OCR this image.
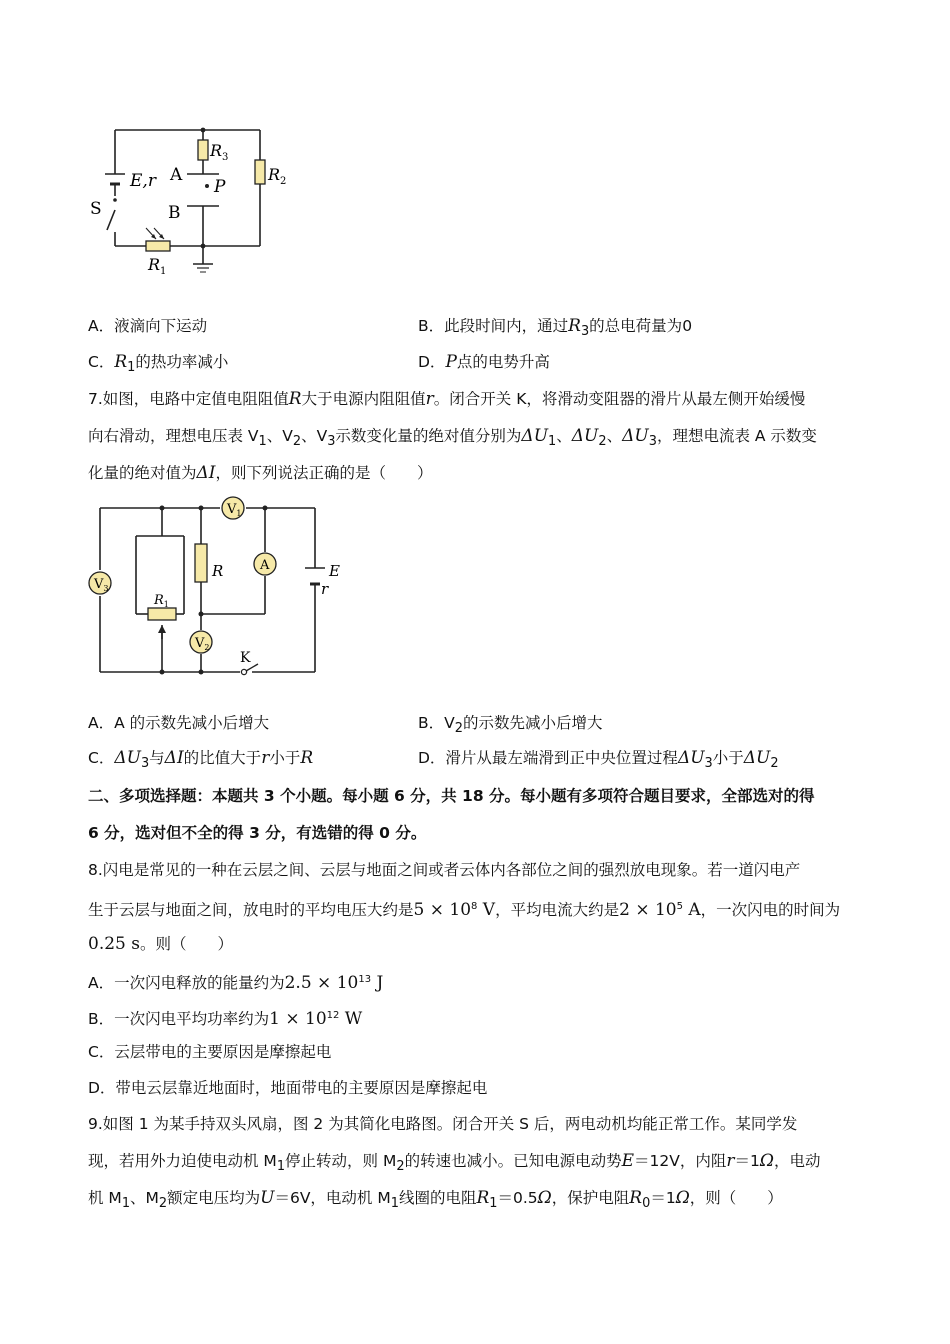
$R_3$
$R_2$
$R_1$
E,r
S
A
B
P
A．液滴向下运动	B．此段时间内，通过$R_3$的总电荷量为0
C．$R_1$的热功率减小	D．P点的电势升高
7.如图，电路中定值电阻阻值R大于电源内阻阻值r。闭合开关 K，将滑动变阻器的滑片从最左侧开始缓慢
向右滑动，理想电压表 $V_1$、$V_2$、$V_3$示数变化量的绝对值分别为$\Delta U_1$、$\Delta U_2$、$\Delta U_3$，理想电流表 A 示数变
化量的绝对值为ΔI，则下列说法正确的是（　　）
$V_1$
$V_3$
$V_2$
A
R
$R_1$
E
r
K
A．A 的示数先减小后增大	B．$V_2$的示数先减小后增大
C．$\Delta U_3$与ΔI的比值大于r小于R	D．滑片从最左端滑到正中央位置过程$\Delta U_3$小于$\Delta U_2$
二、多项选择题：本题共 3 个小题。每小题 6 分，共 18 分。每小题有多项符合题目要求，全部选对的得
6 分，选对但不全的得 3 分，有选错的得 0 分。
8.闪电是常见的一种在云层之间、云层与地面之间或者云体内各部位之间的强烈放电现象。若一道闪电产
生于云层与地面之间，放电时的平均电压大约是$5 \times 10^8$ V，平均电流大约是$2 \times 10^5$ A，一次闪电的时间为
0.25 s。则（　　）
A．一次闪电释放的能量约为$2.5 \times 10^{13}$ J
B．一次闪电平均功率约为$1 \times 10^{12}$ W
C．云层带电的主要原因是摩擦起电
D．带电云层靠近地面时，地面带电的主要原因是摩擦起电
9.如图 1 为某手持双头风扇，图 2 为其简化电路图。闭合开关 S 后，两电动机均能正常工作。某同学发
现，若用外力迫使电动机 $M_1$停止转动，则 $M_2$的转速也减小。已知电源电动势E＝12V，内阻r＝1Ω，电动
机 $M_1$、$M_2$额定电压均为U＝6V，电动机 $M_1$线圈的电阻$R_1=0.5\Omega$，保护电阻$R_0=1\Omega$，则（　　）
